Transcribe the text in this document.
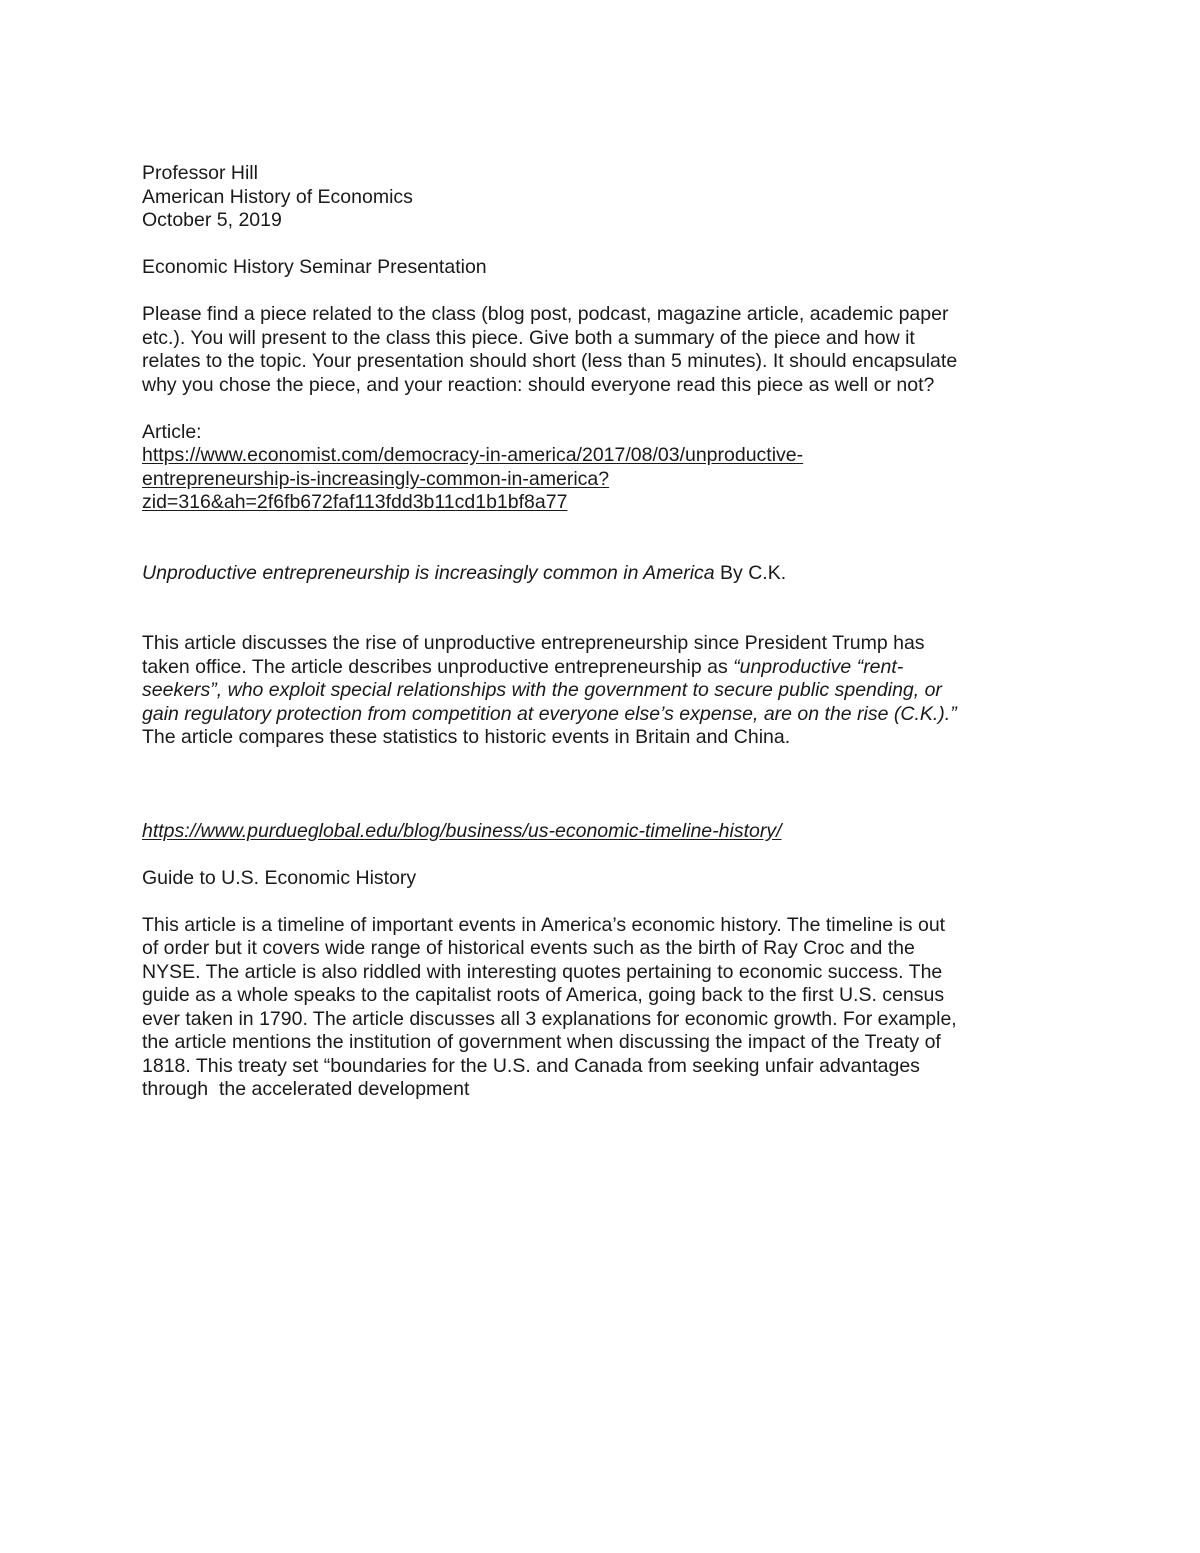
Professor Hill
American History of Economics
October 5, 2019
Economic History Seminar Presentation
Please find a piece related to the class (blog post, podcast, magazine article, academic paper
etc.). You will present to the class this piece. Give both a summary of the piece and how it
relates to the topic. Your presentation should short (less than 5 minutes). It should encapsulate
why you chose the piece, and your reaction: should everyone read this piece as well or not?
Article:
https://www.economist.com/democracy-in-america/2017/08/03/unproductive-
entrepreneurship-is-increasingly-common-in-america?
zid=316&ah=2f6fb672faf113fdd3b11cd1b1bf8a77
Unproductive entrepreneurship is increasingly common in America By C.K.
This article discusses the rise of unproductive entrepreneurship since President Trump has
taken office. The article describes unproductive entrepreneurship as “unproductive “rent-
seekers”, who exploit special relationships with the government to secure public spending, or
gain regulatory protection from competition at everyone else’s expense, are on the rise (C.K.).”
The article compares these statistics to historic events in Britain and China.
https://www.purdueglobal.edu/blog/business/us-economic-timeline-history/
Guide to U.S. Economic History
This article is a timeline of important events in America’s economic history. The timeline is out
of order but it covers wide range of historical events such as the birth of Ray Croc and the
NYSE. The article is also riddled with interesting quotes pertaining to economic success. The
guide as a whole speaks to the capitalist roots of America, going back to the first U.S. census
ever taken in 1790. The article discusses all 3 explanations for economic growth. For example,
the article mentions the institution of government when discussing the impact of the Treaty of
1818. This treaty set “boundaries for the U.S. and Canada from seeking unfair advantages
through  the accelerated development
